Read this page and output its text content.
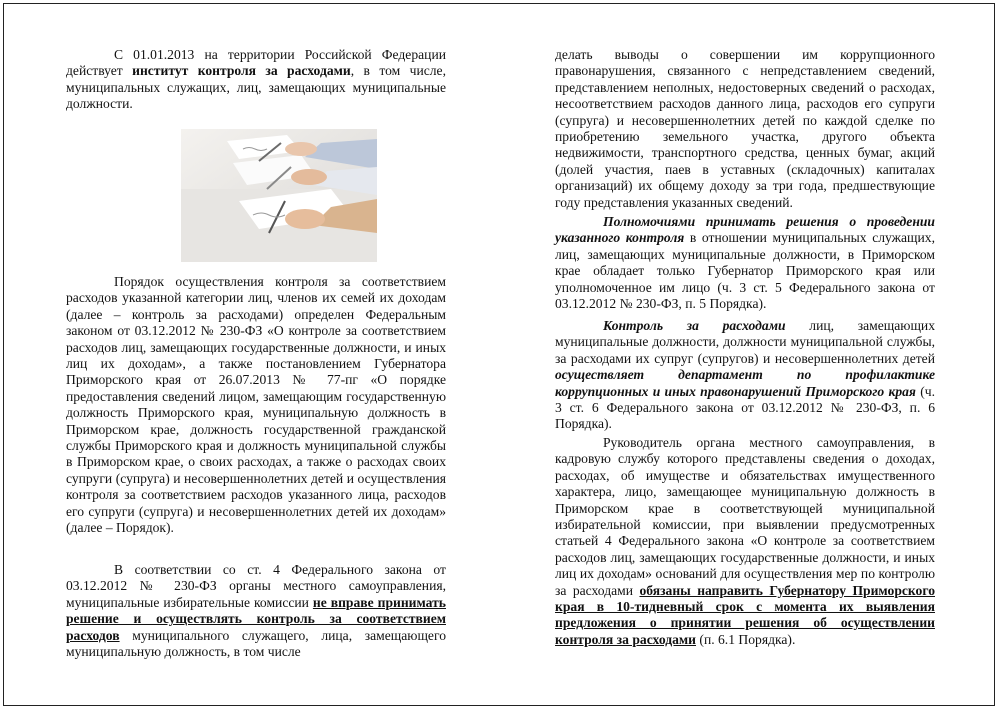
С 01.01.2013 на территории Российской Федерации действует институт контроля за расходами, в том числе, муниципальных служащих, лиц, замещающих муниципальные должности.

Порядок осуществления контроля за соответствием расходов указанной категории лиц, членов их семей их доходам (далее – контроль за расходами) определен Федеральным законом от 03.12.2012 № 230-ФЗ «О контроле за соответствием расходов лиц, замещающих государственные должности, и иных лиц их доходам», а также постановлением Губернатора Приморского края от 26.07.2013 № 77-пг «О порядке предоставления сведений лицом, замещающим государственную должность Приморского края, муниципальную должность в Приморском крае, должность государственной гражданской службы Приморского края и должность муниципальной службы в Приморском крае, о своих расходах, а также о расходах своих супруги (супруга) и несовершеннолетних детей и осуществления контроля за соответствием расходов указанного лица, расходов его супруги (супруга) и несовершеннолетних детей их доходам» (далее – Порядок).

В соответствии со ст. 4 Федерального закона от 03.12.2012 № 230-ФЗ органы местного самоуправления, муниципальные избирательные комиссии не вправе принимать решение и осуществлять контроль за соответствием расходов муниципального служащего, лица, замещающего муниципальную должность, в том числе

делать выводы о совершении им коррупционного правонарушения, связанного с непредставлением сведений, представлением неполных, недостоверных сведений о расходах, несоответствием расходов данного лица, расходов его супруги (супруга) и несовершеннолетних детей по каждой сделке по приобретению земельного участка, другого объекта недвижимости, транспортного средства, ценных бумаг, акций (долей участия, паев в уставных (складочных) капиталах организаций) их общему доходу за три года, предшествующие году представления указанных сведений.

Полномочиями принимать решения о проведении указанного контроля в отношении муниципальных служащих, лиц, замещающих муниципальные должности, в Приморском крае обладает только Губернатор Приморского края или уполномоченное им лицо (ч. 3 ст. 5 Федерального закона от 03.12.2012 № 230-ФЗ, п. 5 Порядка).

Контроль за расходами лиц, замещающих муниципальные должности, должности муниципальной службы, за расходами их супруг (супругов) и несовершеннолетних детей осуществляет департамент по профилактике коррупционных и иных правонарушений Приморского края (ч. 3 ст. 6 Федерального закона от 03.12.2012 № 230-ФЗ, п. 6 Порядка).

Руководитель органа местного самоуправления, в кадровую службу которого представлены сведения о доходах, расходах, об имуществе и обязательствах имущественного характера, лицо, замещающее муниципальную должность в Приморском крае в соответствующей муниципальной избирательной комиссии, при выявлении предусмотренных статьей 4 Федерального закона «О контроле за соответствием расходов лиц, замещающих государственные должности, и иных лиц их доходам» оснований для осуществления мер по контролю за расходами обязаны направить Губернатору Приморского края в 10-тидневный срок с момента их выявления предложения о принятии решения об осуществлении контроля за расходами (п. 6.1 Порядка).
